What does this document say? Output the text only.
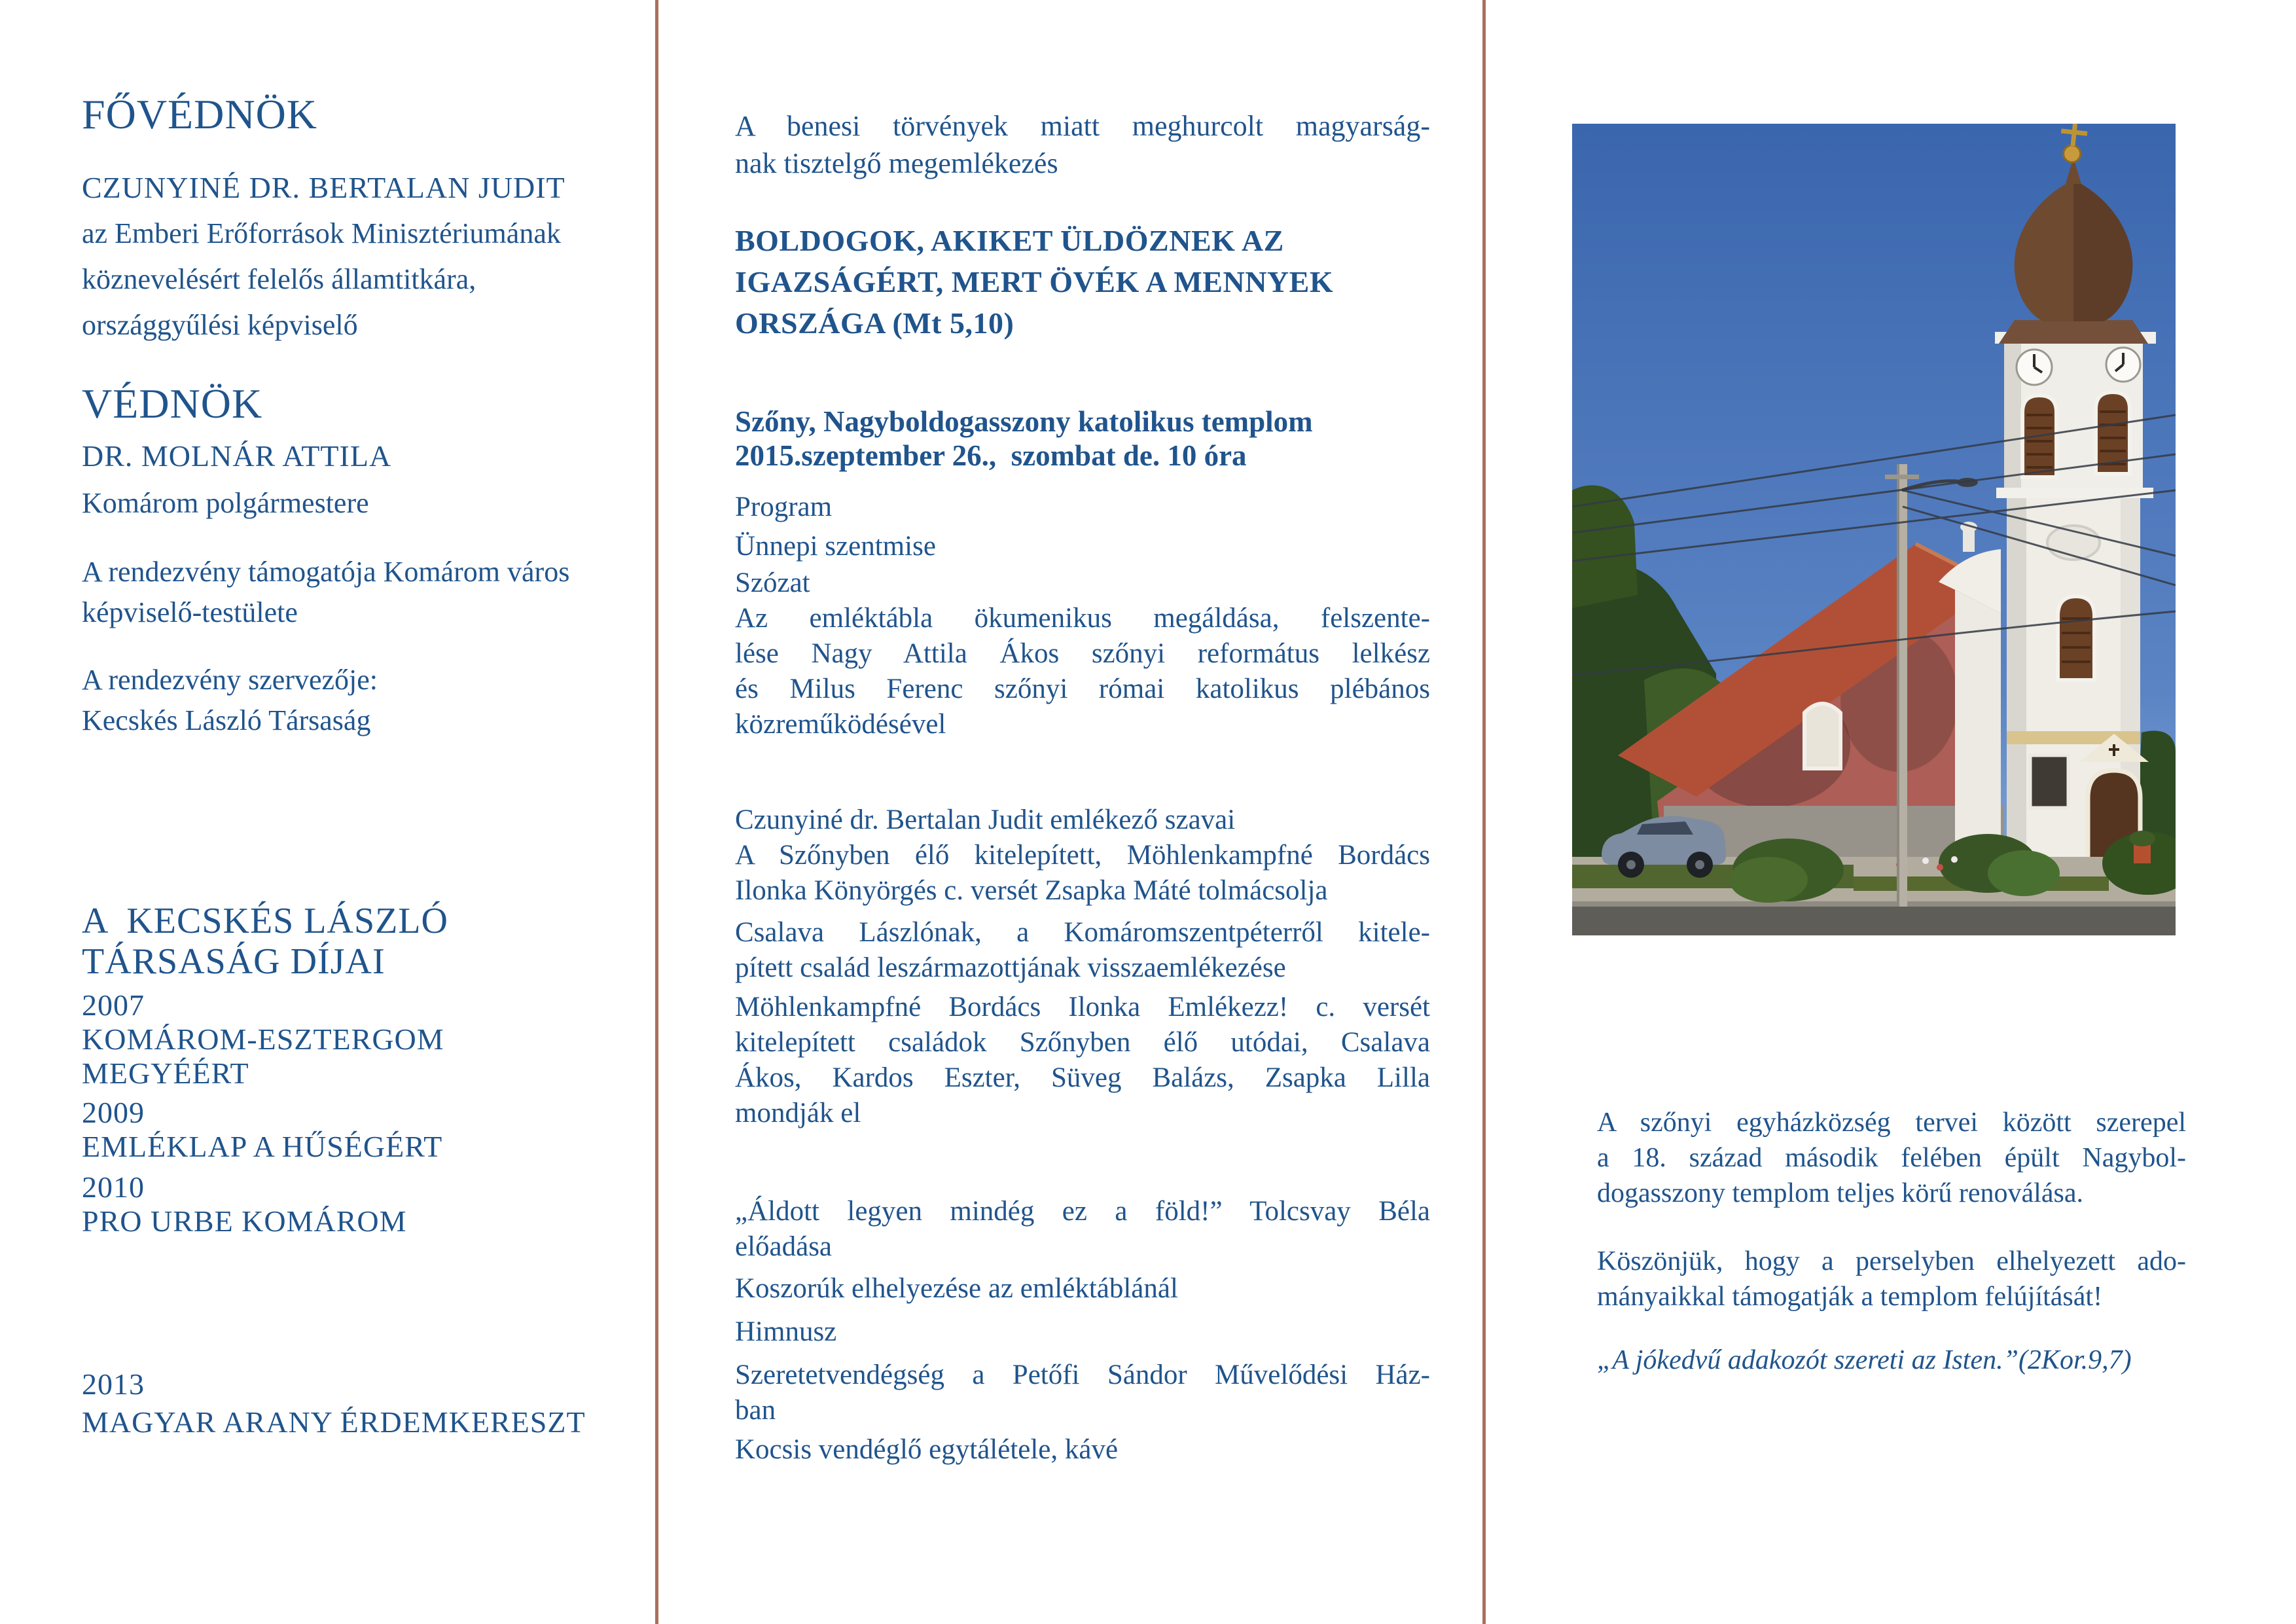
FŐVÉDNÖK
CZUNYINÉ DR. BERTALAN JUDIT
az Emberi Erőforrások Minisztériumának
köznevelésért felelős államtitkára,
országgyűlési képviselő
VÉDNÖK
DR. MOLNÁR ATTILA
Komárom polgármestere
A rendezvény támogatója Komárom város
képviselő-testülete
A rendezvény szervezője:
Kecskés László Társaság
A  KECSKÉS LÁSZLÓ
TÁRSASÁG DÍJAI
2007
KOMÁROM-ESZTERGOM
MEGYÉÉRT
2009
EMLÉKLAP A HŰSÉGÉRT
2010
PRO URBE KOMÁROM
2013
MAGYAR ARANY ÉRDEMKERESZT
A benesi törvények miatt meghurcolt magyarság-
nak tisztelgő megemlékezés
BOLDOGOK, AKIKET ÜLDÖZNEK AZ
IGAZSÁGÉRT, MERT ÖVÉK A MENNYEK
ORSZÁGA (Mt 5,10)
Szőny, Nagyboldogasszony katolikus templom
2015.szeptember 26.,  szombat de. 10 óra
Program
Ünnepi szentmise
Szózat
Az emléktábla ökumenikus megáldása, felszente-
lése Nagy Attila Ákos szőnyi református lelkész
és Milus Ferenc szőnyi római katolikus plébános
közreműködésével
Czunyiné dr. Bertalan Judit emlékező szavai
A Szőnyben élő kitelepített, Möhlenkampfné Bordács
Ilonka Könyörgés c. versét Zsapka Máté tolmácsolja
Csalava Lászlónak, a Komáromszentpéterről kitele-
pített család leszármazottjának visszaemlékezése
Möhlenkampfné Bordács Ilonka Emlékezz! c. versét
kitelepített családok Szőnyben élő utódai, Csalava
Ákos, Kardos Eszter, Süveg Balázs, Zsapka Lilla
mondják el
„Áldott legyen mindég ez a föld!” Tolcsvay Béla
előadása
Koszorúk elhelyezése az emléktáblánál
Himnusz
Szeretetvendégség a Petőfi Sándor Művelődési Ház-
ban
Kocsis vendéglő egytálétele, kávé
A szőnyi egyházközség tervei között szerepel
a 18. század második felében épült Nagybol-
dogasszony templom teljes körű renoválása.
Köszönjük, hogy a perselyben elhelyezett ado-
mányaikkal támogatják a templom felújítását!
„A jókedvű adakozót szereti az Isten.”(2Kor.9,7)
